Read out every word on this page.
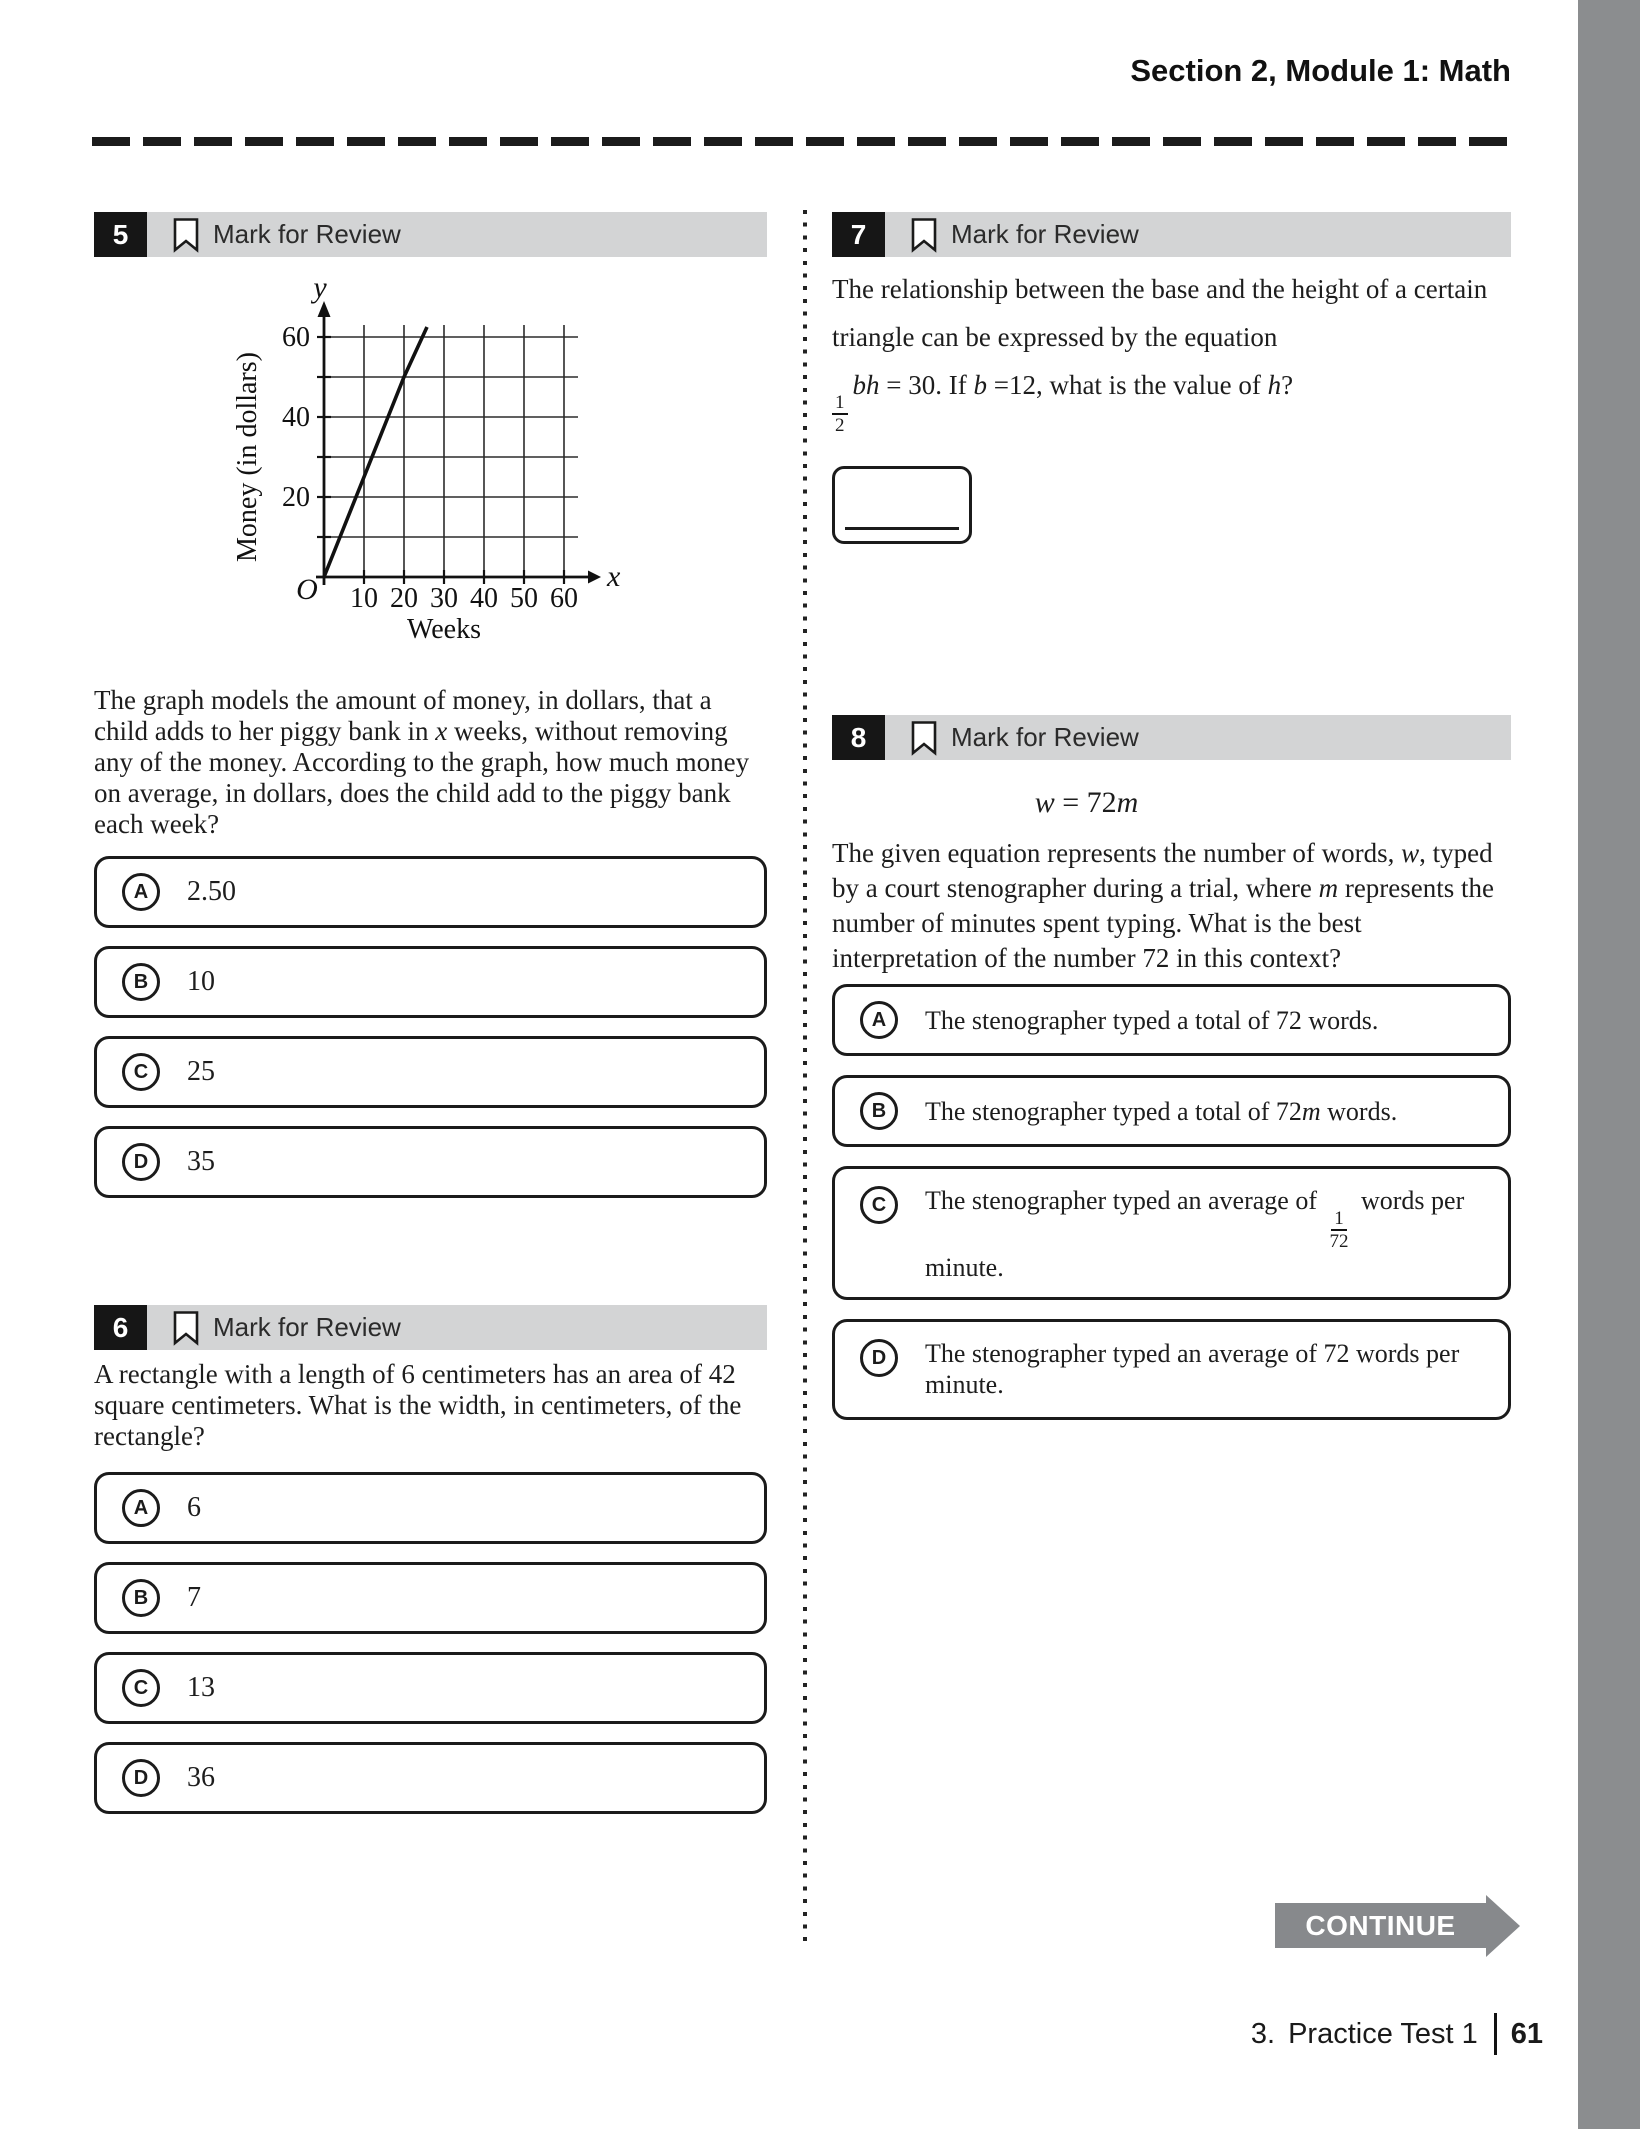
Section 2, Module 1: Math
5	Mark for Review
10 20 30 40 50 60
20
40
60
y
x
O
Weeks
Money (in dollars)

The graph models the amount of money, in dollars, that a child adds to her piggy bank in x weeks, without removing any of the money. According to the graph, how much money on average, in dollars, does the child add to the piggy bank each week?

A	2.50
B	10
C	25
D	35
6	Mark for Review

A rectangle with a length of 6 centimeters has an area of 42 square centimeters. What is the width, in centimeters, of the rectangle?

A	6
B	7
C	13
D	36
7	Mark for Review

The relationship between the base and the height of a certain triangle can be expressed by the equation

$\frac{1}{2}$
bh = 30. If b =12, what is the value of h?

8	Mark for Review
w = 72m

The given equation represents the number of words, w, typed by a court stenographer during a trial, where m represents the number of minutes spent typing. What is the best interpretation of the number 72 in this context?

A	The stenographer typed a total of 72 words.
B	The stenographer typed a total of 72m words.
C	The stenographer typed an average of
$\frac{1}{72}$
words per minute.
D	The stenographer typed an average of 72 words per minute.
CONTINUE
3. Practice Test 1 61
